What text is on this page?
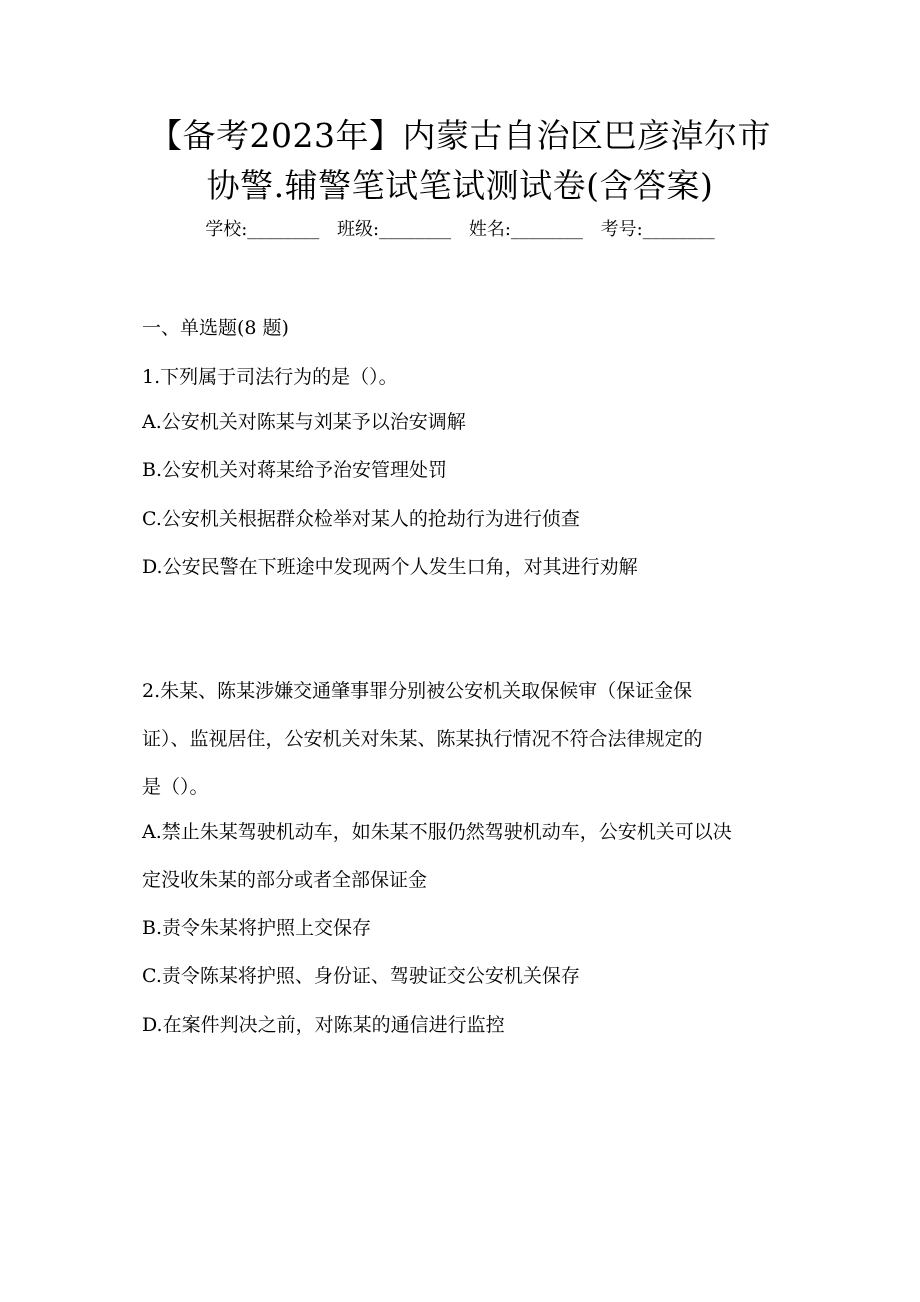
【备考2023年】内蒙古自治区巴彦淖尔市
协警.辅警笔试笔试测试卷(含答案)
学校:________ 班级:________ 姓名:________ 考号:________
一、单选题(8 题)
1.下列属于司法行为的是（）。
A.公安机关对陈某与刘某予以治安调解
B.公安机关对蒋某给予治安管理处罚
C.公安机关根据群众检举对某人的抢劫行为进行侦查
D.公安民警在下班途中发现两个人发生口角，对其进行劝解
2.朱某、陈某涉嫌交通肇事罪分别被公安机关取保候审（保证金保
证）、监视居住，公安机关对朱某、陈某执行情况不符合法律规定的
是（）。
A.禁止朱某驾驶机动车，如朱某不服仍然驾驶机动车，公安机关可以决
定没收朱某的部分或者全部保证金
B.责令朱某将护照上交保存
C.责令陈某将护照、身份证、驾驶证交公安机关保存
D.在案件判决之前，对陈某的通信进行监控
